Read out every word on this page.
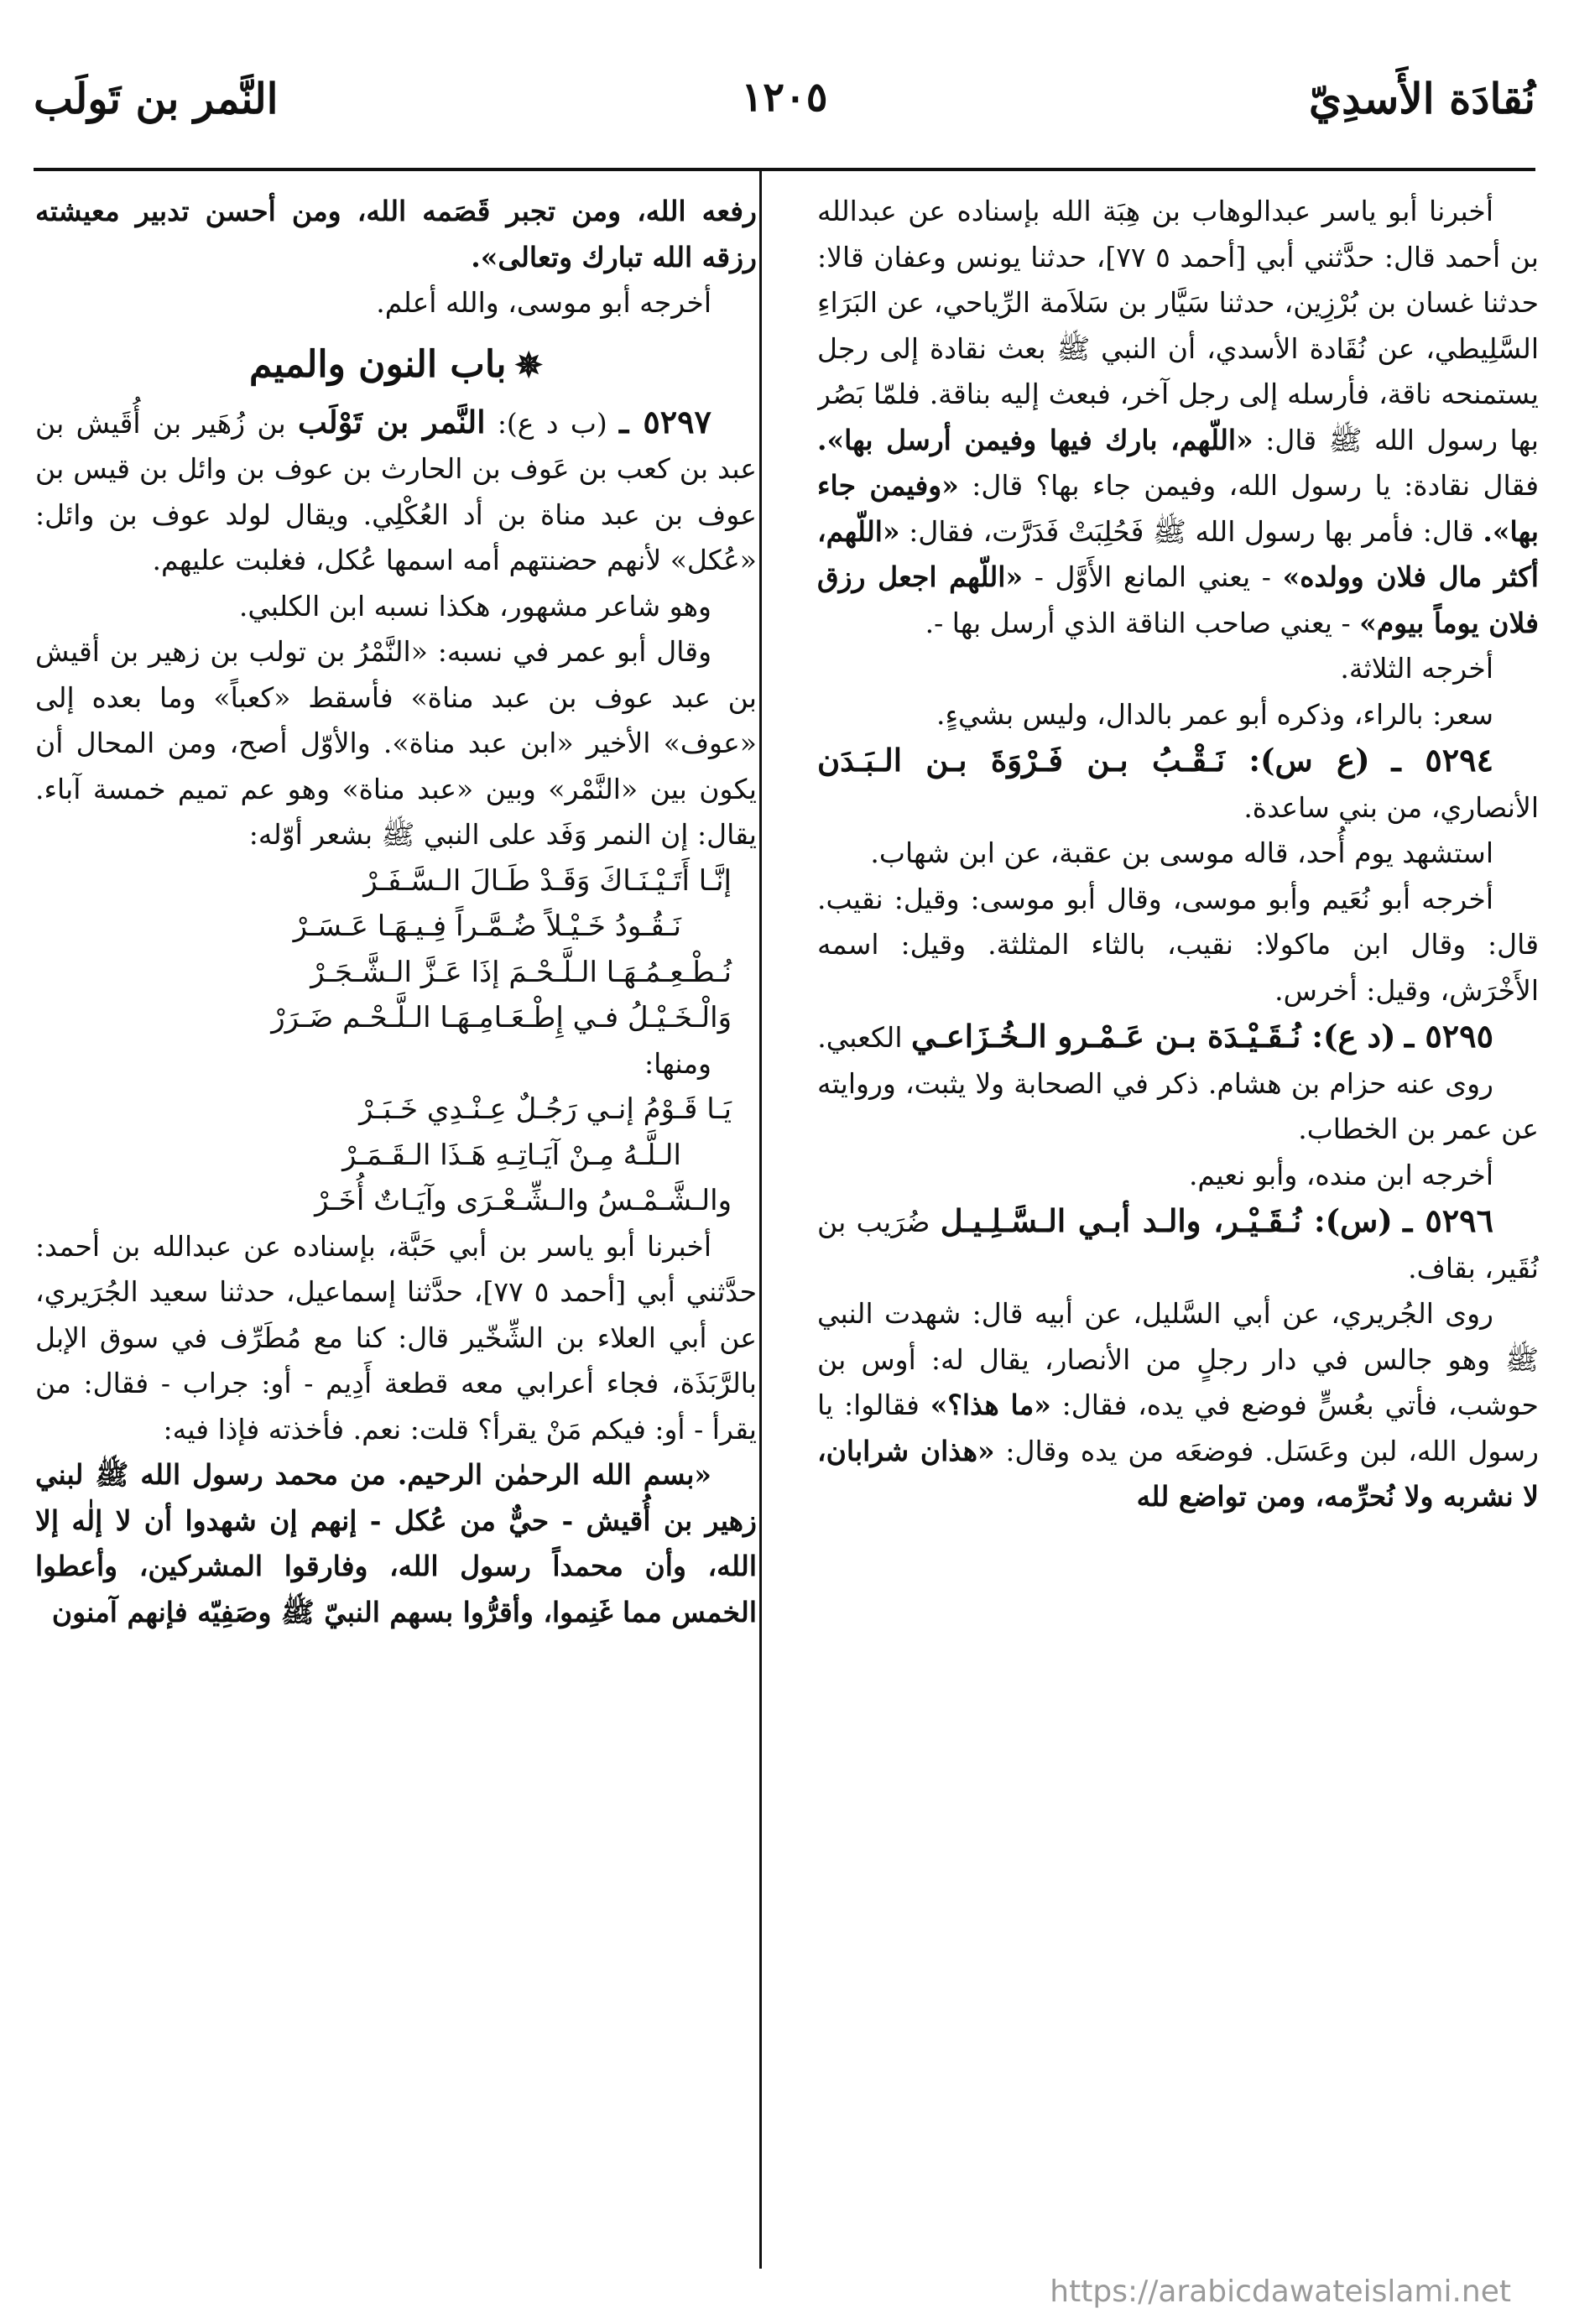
نُقادَة الأَسدِيّ
١٢٠٥
النَّمر بن تَولَب

أخبرنا أبو ياسر عبدالوهاب بن هِبَة الله بإسناده عن عبدالله بن أحمد قال: حدَّثني أبي [أحمد ٥ ٧٧]، حدثنا يونس وعفان قالا: حدثنا غسان بن بُرْزِين، حدثنا سَيَّار بن سَلاَمة الرِّياحي، عن البَرَاءِ السَّلِيطي، عن نُقَادة الأسدي، أن النبي ﷺ بعث نقادة إلى رجل يستمنحه ناقة، فأرسله إلى رجل آخر، فبعث إليه بناقة. فلمّا بَصُر بها رسول الله ﷺ قال: «اللّهم، بارك فيها وفيمن أرسل بها». فقال نقادة: يا رسول الله، وفيمن جاء بها؟ قال: «وفيمن جاء بها». قال: فأمر بها رسول الله ﷺ فَحُلِبَتْ فَدَرَّت، فقال: «اللّهم، أكثر مال فلان وولده» - يعني المانع الأَوَّل - «اللّهم اجعل رزق فلان يوماً بيوم» - يعني صاحب الناقة الذي أرسل بها -.

أخرجه الثلاثة.

سعر: بالراء، وذكره أبو عمر بالدال، وليس بشيءٍ.

٥٢٩٤ ـ (ع س): نَـقْـبُ بـن فَـرْوَةَ بـن الـبَـدَن الأنصاري، من بني ساعدة.

استشهد يوم أُحد، قاله موسى بن عقبة، عن ابن شهاب.

أخرجه أبو نُعَيم وأبو موسى، وقال أبو موسى: وقيل: نقيب. قال: وقال ابن ماكولا: نقيب، بالثاء المثلثة. وقيل: اسمه الأَخْرَش، وقيل: أخرس.

٥٢٩٥ ـ (د ع): نُـقَـيْـدَة بـن عَـمْـرو الـخُـزَاعـي الكعبي.

روى عنه حزام بن هشام. ذكر في الصحابة ولا يثبت، وروايته عن عمر بن الخطاب.

أخرجه ابن منده، وأبو نعيم.

٥٢٩٦ ـ (س): نُـقَـيْـر، والـد أبـي الـسَّـلِـيـل ضُرَيب بن نُقَير، بقاف.

روى الجُريري، عن أبي السَّليل، عن أبيه قال: شهدت النبي ﷺ وهو جالس في دار رجلٍ من الأنصار، يقال له: أوس بن حوشب، فأتي بعُسٍّ فوضع في يده، فقال: «ما هذا؟» فقالوا: يا رسول الله، لبن وعَسَل. فوضعَه من يده وقال: «هذان شرابان، لا نشربه ولا نُحرِّمه، ومن تواضع لله

رفعه الله، ومن تجبر قَصَمه الله، ومن أحسن تدبير معيشته رزقه الله تبارك وتعالى».

أخرجه أبو موسى، والله أعلم.

✵باب النون والميم

٥٢٩٧ ـ (ب د ع): النَّمر بن تَوْلَب بن زُهَير بن أُقَيش بن عبد بن كعب بن عَوف بن الحارث بن عوف بن وائل بن قيس بن عوف بن عبد مناة بن أد العُكْلِي. ويقال لولد عوف بن وائل: «عُكل» لأنهم حضنتهم أمه اسمها عُكل، فغلبت عليهم.

وهو شاعر مشهور، هكذا نسبه ابن الكلبي.

وقال أبو عمر في نسبه: «النَّمْرُ بن تولب بن زهير بن أقيش بن عبد عوف بن عبد مناة» فأسقط «كعباً» وما بعده إلى «عوف» الأخير «ابن عبد مناة». والأوّل أصح، ومن المحال أن يكون بين «النَّمْر» وبين «عبد مناة» وهو عم تميم خمسة آباء. يقال: إن النمر وَفَد على النبي ﷺ بشعر أوّله:

إنَّـا أَتَـيْـنَـاكَ وَقَـدْ طَـالَ الـسَّـفَـرْ
نَـقُـودُ خَـيْـلاً ضُـمَّـراً فِـيـهَـا عَـسَـرْ
نُـطْـعِـمُـهَـا الـلَّـحْـمَ إذَا عَـزَّ الـشَّـجَـرْ
وَالْـخَـيْـلُ فـي إِطْـعَـامِـهَـا الـلَّـحْـم ضَـرَرْ

ومنها:

يَـا قَـوْمُ إنـي رَجُـلٌ عِـنْـدِي خَـبَـرْ
الـلَّـهُ مِـنْ آيَـاتِـهِ هَـذَا الـقَـمَـرْ
والـشَّـمْـسُ والـشِّـعْـرَى وآيَـاتٌ أُخَـرْ

أخبرنا أبو ياسر بن أبي حَبَّة، بإسناده عن عبدالله بن أحمد: حدَّثني أبي [أحمد ٥ ٧٧]، حدَّثنا إسماعيل، حدثنا سعيد الجُرَيري، عن أبي العلاء بن الشِّخّير قال: كنا مع مُطَرِّف في سوق الإبل بالرَّبَذَة، فجاء أعرابي معه قطعة أَدِيم - أو: جراب - فقال: من يقرأ - أو: فيكم مَنْ يقرأ؟ قلت: نعم. فأخذته فإذا فيه:

«بسم الله الرحمٰن الرحيم. من محمد رسول الله ﷺ لبني زهير بن أُقيش - حيٌّ من عُكل - إنهم إن شهدوا أن لا إلٰه إلا الله، وأن محمداً رسول الله، وفارقوا المشركين، وأعطوا الخمس مما غَنِموا، وأقرُّوا بسهم النبيّ ﷺ وصَفِيّه فإنهم آمنون

https://arabicdawateislami.net
